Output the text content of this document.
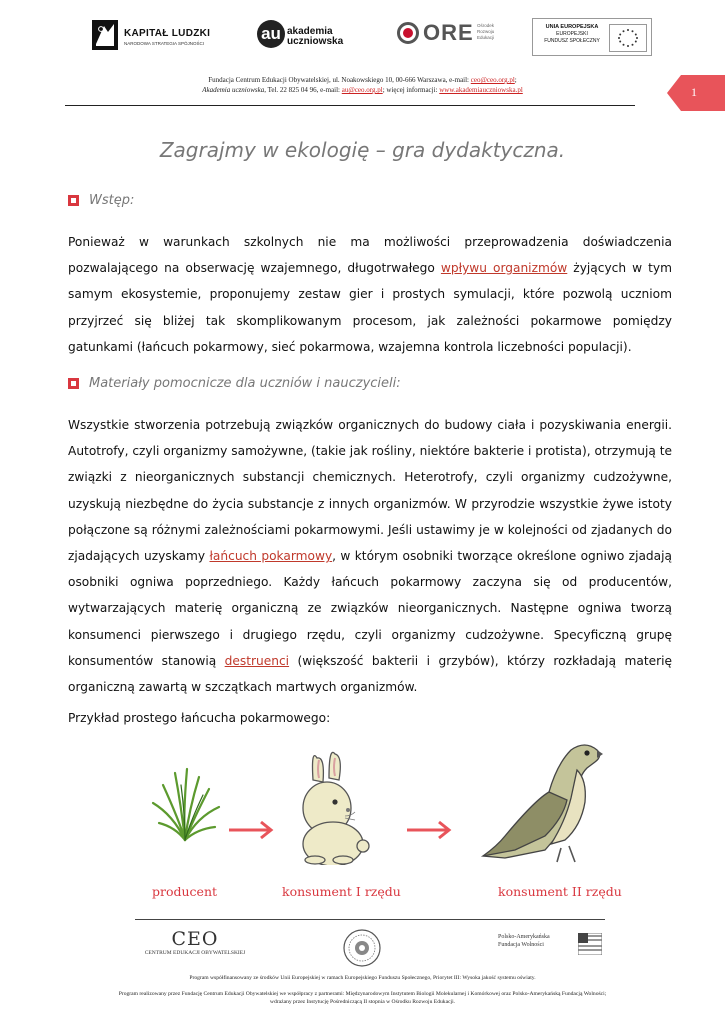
KAPITAŁ LUDZKI
NARODOWA STRATEGIA SPÓJNOŚCI
au akademia
uczniowska	ORE Ośrodek
Rozwoju
Edukacji
UNIA EUROPEJSKA
EUROPEJSKI
FUNDUSZ SPOŁECZNY
Fundacja Centrum Edukacji Obywatelskiej, ul. Noakowskiego 10, 00-666 Warszawa, e-mail: ceo@ceo.org.pl;
Akademia uczniowska, Tel. 22 825 04 96, e-mail: au@ceo.org.pl; więcej informacji: www.akademiauczniowska.pl	1
Zagrajmy w ekologię – gra dydaktyczna.
Wstęp:
Ponieważ w warunkach szkolnych nie ma możliwości przeprowadzenia doświadczenia pozwalającego na obserwację wzajemnego, długotrwałego wpływu organizmów żyjących w tym samym ekosystemie, proponujemy zestaw gier i prostych symulacji, które pozwolą uczniom przyjrzeć się bliżej tak skomplikowanym procesom, jak zależności pokarmowe pomiędzy gatunkami (łańcuch pokarmowy, sieć pokarmowa, wzajemna kontrola liczebności populacji).
Materiały pomocnicze dla uczniów i nauczycieli:
Wszystkie stworzenia potrzebują związków organicznych do budowy ciała i pozyskiwania energii. Autotrofy, czyli organizmy samożywne, (takie jak rośliny, niektóre bakterie i protista), otrzymują te związki z nieorganicznych substancji chemicznych. Heterotrofy, czyli organizmy cudzożywne, uzyskują niezbędne do życia substancje z innych organizmów. W przyrodzie wszystkie żywe istoty połączone są różnymi zależnościami pokarmowymi. Jeśli ustawimy je w kolejności od zjadanych do zjadających uzyskamy łańcuch pokarmowy, w którym osobniki tworzące określone ogniwo zjadają osobniki ogniwa poprzedniego. Każdy łańcuch pokarmowy zaczyna się od producentów, wytwarzających materię organiczną ze związków nieorganicznych. Następne ogniwa tworzą konsumenci pierwszego i drugiego rzędu, czyli organizmy cudzożywne. Specyficzną grupę konsumentów stanowią destruenci (większość bakterii i grzybów), którzy rozkładają materię organiczną zawartą w szczątkach martwych organizmów.
Przykład prostego łańcucha pokarmowego:
producent	konsument I rzędu	konsument II rzędu
CEO
CENTRUM EDUKACJI OBYWATELSKIEJ
Polsko-Amerykańska
Fundacja Wolności
Program współfinansowany ze środków Unii Europejskiej w ramach Europejskiego Funduszu Społecznego, Priorytet III: Wysoka jakość systemu oświaty.
Program realizowany przez Fundację Centrum Edukacji Obywatelskiej we współpracy z partnerami: Międzynarodowym Instytutem Biologii Molekularnej i Komórkowej oraz Polsko-Amerykańską Fundacją Wolności;
wdrażany przez Instytucję Pośredniczącą II stopnia w Ośrodku Rozwoju Edukacji.
